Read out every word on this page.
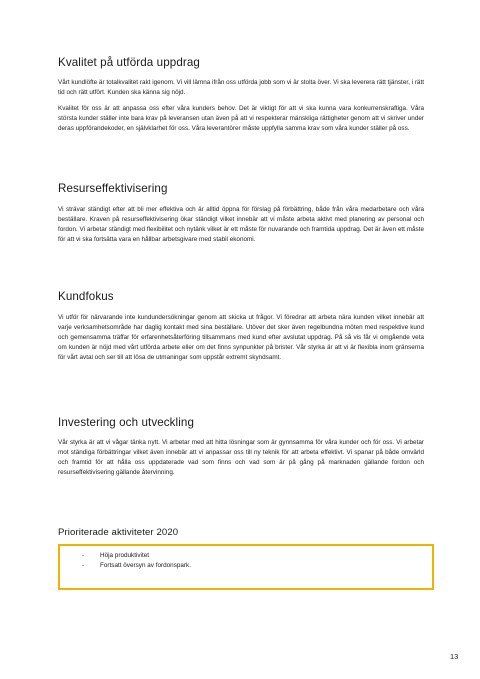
Kvalitet på utförda uppdrag

Vårt kundlöfte är totalkvalitet rakt igenom. Vi vill lämna ifrån oss utförda jobb som vi är stolta över. Vi ska leverera rätt tjänster, i rätt tid och rätt utfört. Kunden ska känna sig nöjd.

Kvalitet för oss är att anpassa oss efter våra kunders behov. Det är viktigt för att vi ska kunna vara konkurrenskraftiga. Våra största kunder ställer inte bara krav på leveransen utan även på att vi respekterar mänskliga rättigheter genom att vi skriver under deras uppförandekoder, en självklarhet för oss. Våra leverantörer måste uppfylla samma krav som våra kunder ställer på oss.

Resurseffektivisering

Vi strävar ständigt efter att bli mer effektiva och är alltid öppna för förslag på förbättring, både från våra medarbetare och våra beställare. Kraven på resurseffektivisering ökar ständigt vilket innebär att vi måste arbeta aktivt med planering av personal och fordon. Vi arbetar ständigt med flexibilitet och nytänk vilket är ett måste för nuvarande och framtida uppdrag. Det är även ett måste för att vi ska fortsätta vara en hållbar arbetsgivare med stabil ekonomi.

Kundfokus

Vi utför för närvarande inte kundundersökningar genom att skicka ut frågor. Vi föredrar att arbeta nära kunden vilket innebär att varje verksamhetsområde har daglig kontakt med sina beställare. Utöver det sker även regelbundna möten med respektive kund och gemensamma träffar för erfarenhetsåterföring tillsammans med kund efter avslutat uppdrag. På så vis får vi omgående veta om kunden är nöjd med vårt utförda arbete eller om det finns synpunkter på brister. Vår styrka är att vi är flexibla inom gränserna för vårt avtal och ser till att lösa de utmaningar som uppstår extremt skyndsamt.

Investering och utveckling

Vår styrka är att vi vågar tänka nytt. Vi arbetar med att hitta lösningar som är gynnsamma för våra kunder och för oss. Vi arbetar mot ständiga förbättringar vilket även innebär att vi anpassar oss till ny teknik för att arbeta effektivt. Vi spanar på både omvärld och framtid för att hålla oss uppdaterade vad som finns och vad som är på gång på marknaden gällande fordon och resurseffektivisering gällande återvinning.

Prioriterade aktiviteter 2020
-	Höja produktivitet
-	Fortsatt översyn av fordonspark.
13
